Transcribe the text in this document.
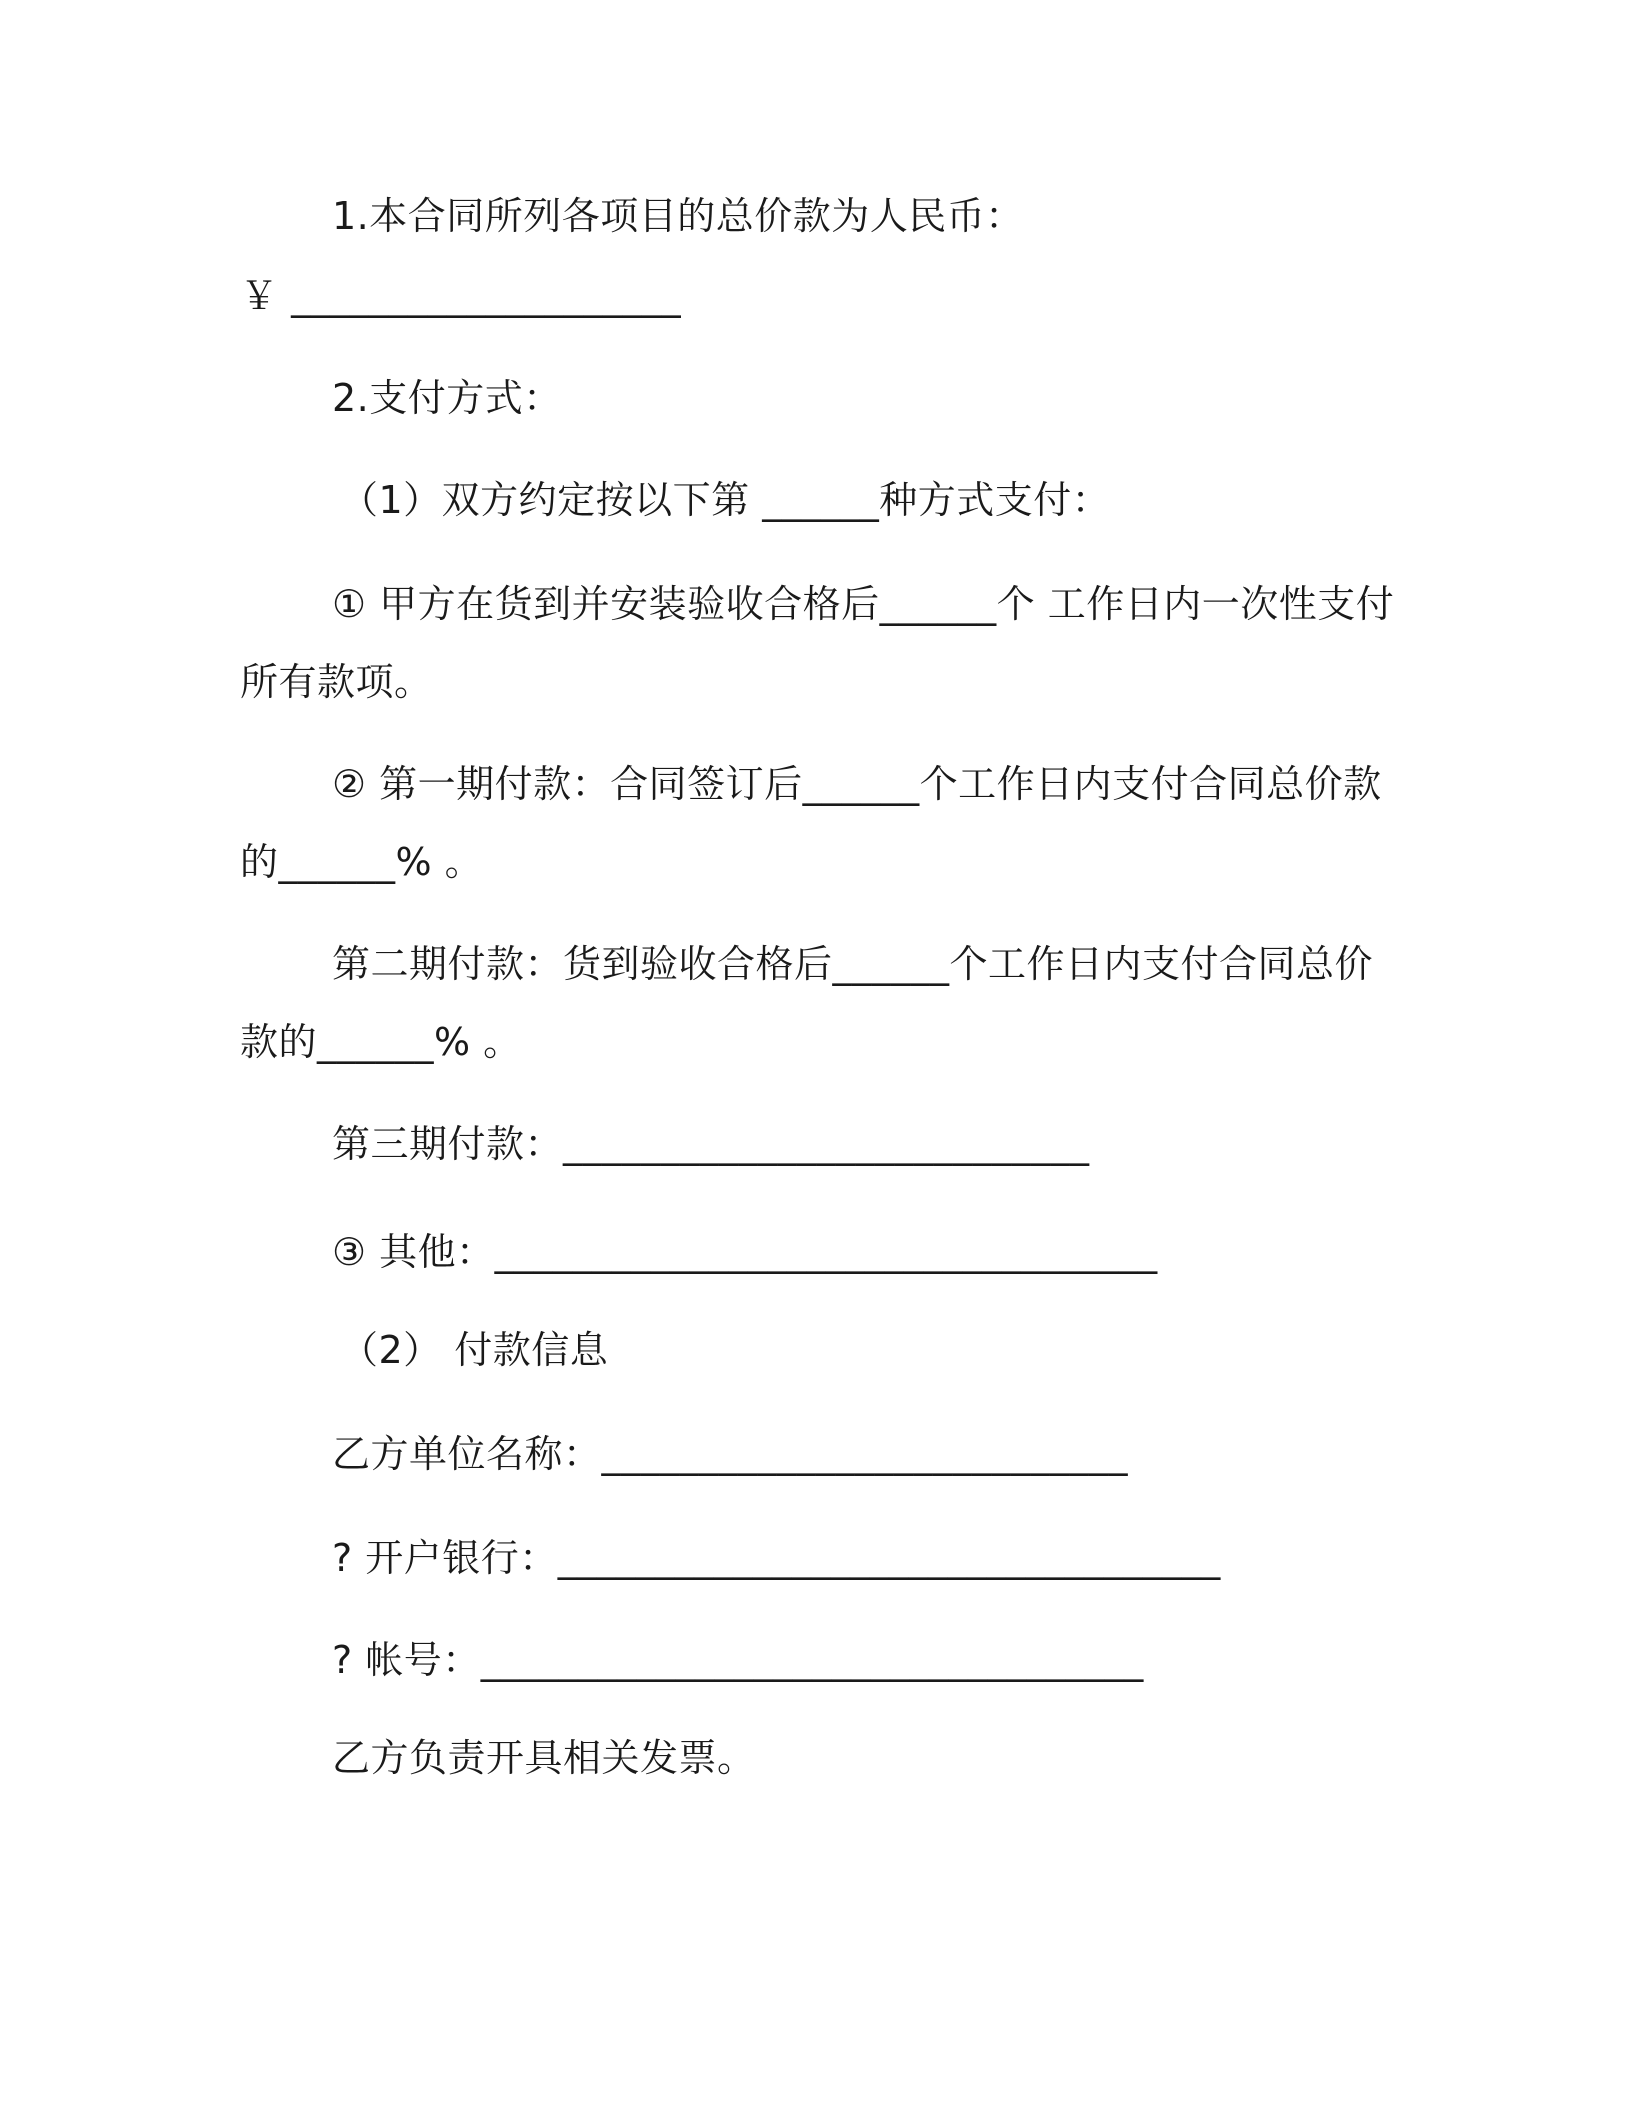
1.本合同所列各项目的总价款为人民币：
￥ ____________________
2.支付方式：
（1）双方约定按以下第 ______种方式支付：
① 甲方在货到并安装验收合格后______个 工作日内一次性支付
所有款项。
② 第一期付款：合同签订后______个工作日内支付合同总价款
的______% 。
第二期付款：货到验收合格后______个工作日内支付合同总价
款的______% 。
第三期付款：___________________________
③ 其他：__________________________________
（2） 付款信息
乙方单位名称：___________________________
? 开户银行：__________________________________
? 帐号：__________________________________
乙方负责开具相关发票。
